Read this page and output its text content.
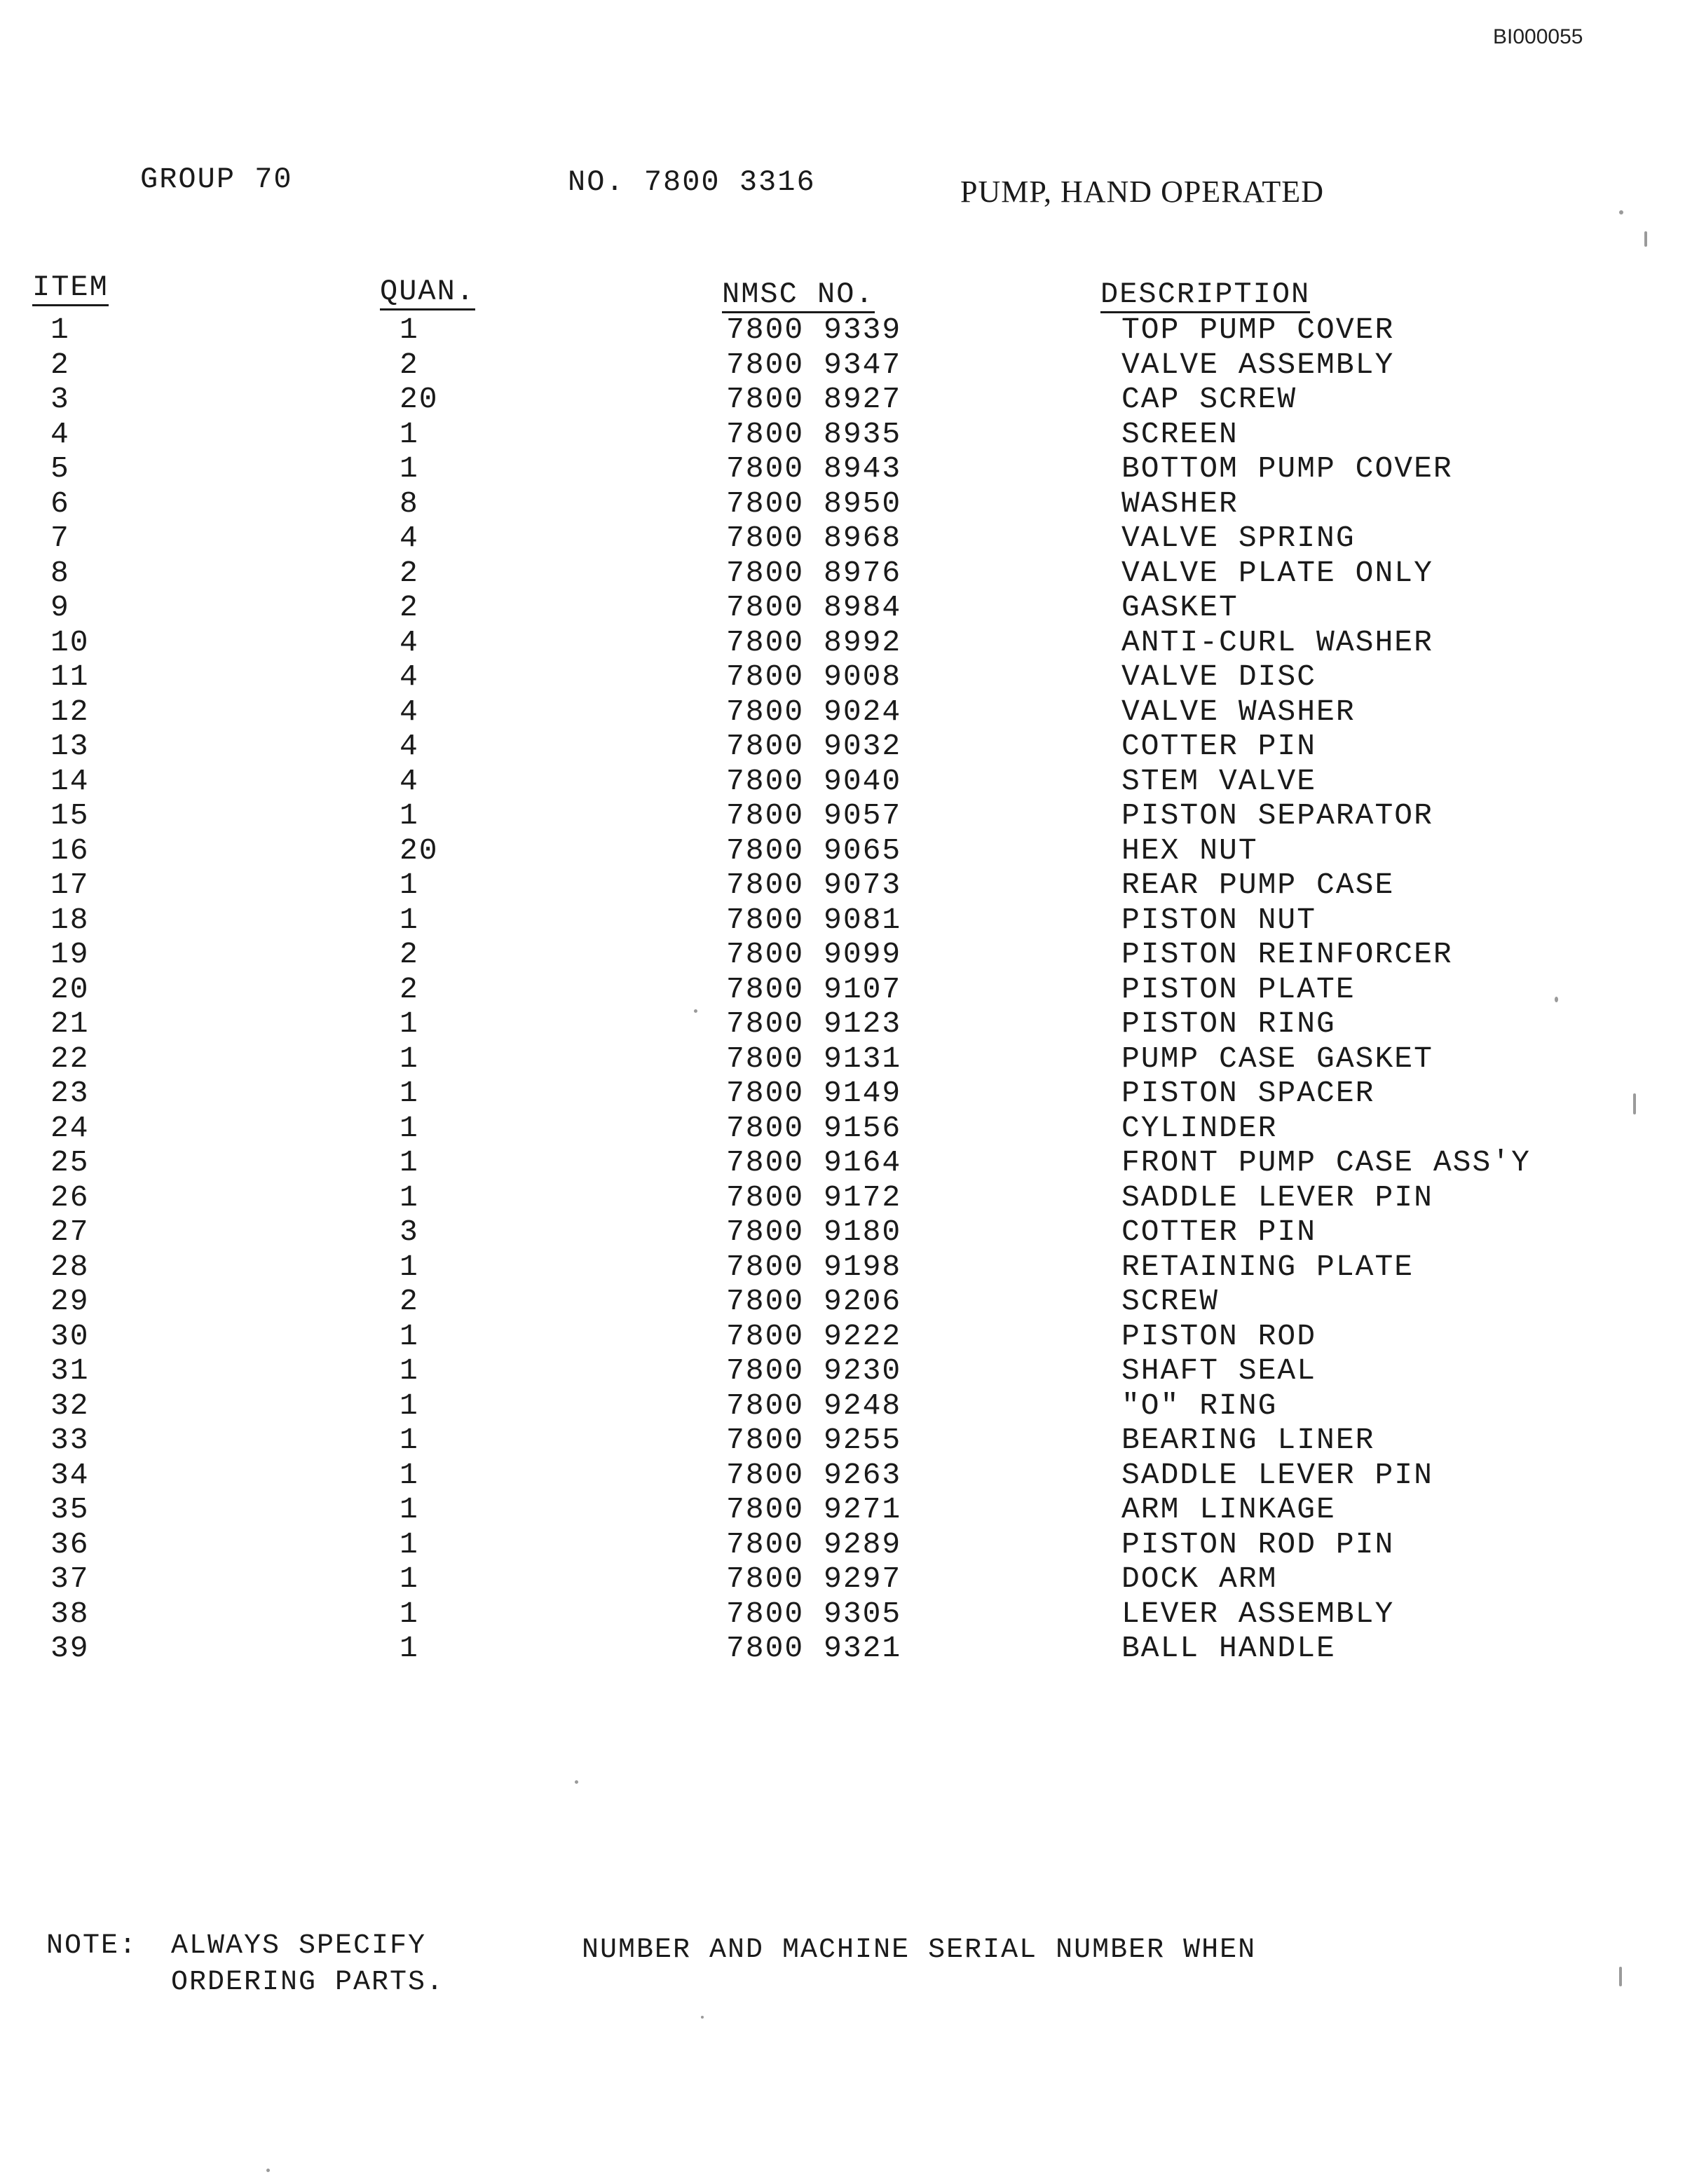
BI000055
GROUP 70	NO. 7800 3316	PUMP, HAND OPERATED
ITEM	QUAN.	NMSC NO.	DESCRIPTION
1	1	7800 9339	TOP PUMP COVER
2	2	7800 9347	VALVE ASSEMBLY
3	20	7800 8927	CAP SCREW
4	1	7800 8935	SCREEN
5	1	7800 8943	BOTTOM PUMP COVER
6	8	7800 8950	WASHER
7	4	7800 8968	VALVE SPRING
8	2	7800 8976	VALVE PLATE ONLY
9	2	7800 8984	GASKET
10	4	7800 8992	ANTI-CURL WASHER
11	4	7800 9008	VALVE DISC
12	4	7800 9024	VALVE WASHER
13	4	7800 9032	COTTER PIN
14	4	7800 9040	STEM VALVE
15	1	7800 9057	PISTON SEPARATOR
16	20	7800 9065	HEX NUT
17	1	7800 9073	REAR PUMP CASE
18	1	7800 9081	PISTON NUT
19	2	7800 9099	PISTON REINFORCER
20	2	7800 9107	PISTON PLATE
21	1	7800 9123	PISTON RING
22	1	7800 9131	PUMP CASE GASKET
23	1	7800 9149	PISTON SPACER
24	1	7800 9156	CYLINDER
25	1	7800 9164	FRONT PUMP CASE ASS'Y
26	1	7800 9172	SADDLE LEVER PIN
27	3	7800 9180	COTTER PIN
28	1	7800 9198	RETAINING PLATE
29	2	7800 9206	SCREW
30	1	7800 9222	PISTON ROD
31	1	7800 9230	SHAFT SEAL
32	1	7800 9248	"O" RING
33	1	7800 9255	BEARING LINER
34	1	7800 9263	SADDLE LEVER PIN
35	1	7800 9271	ARM LINKAGE
36	1	7800 9289	PISTON ROD PIN
37	1	7800 9297	DOCK ARM
38	1	7800 9305	LEVER ASSEMBLY
39	1	7800 9321	BALL HANDLE
NOTE: ALWAYS SPECIFY	NUMBER AND MACHINE SERIAL NUMBER WHEN
ORDERING PARTS.
